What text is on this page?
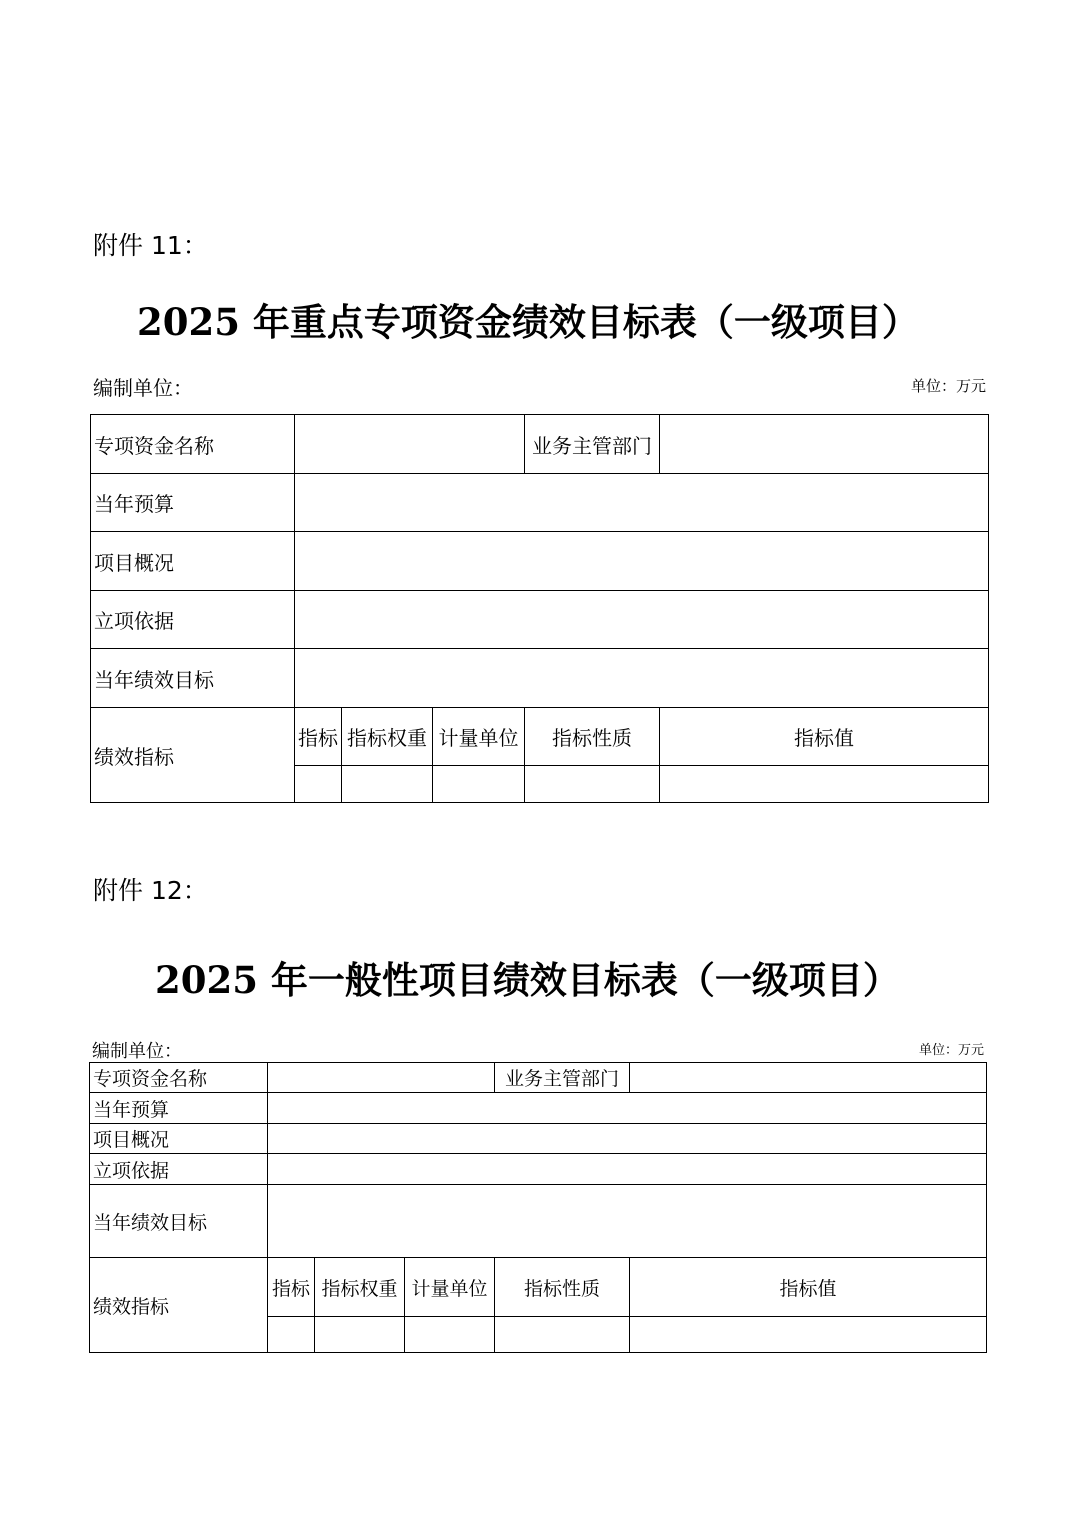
附件 11：
2025 年重点专项资金绩效目标表（一级项目）
编制单位：	单位：万元
专项资金名称				业务主管部门	
当年预算					
项目概况					
立项依据					
当年绩效目标					
绩效指标	指标	指标权重	计量单位	指标性质	指标值

附件 12：
2025 年一般性项目绩效目标表（一级项目）
编制单位：	单位：万元
专项资金名称				业务主管部门	
当年预算					
项目概况					
立项依据					
当年绩效目标					
绩效指标	指标	指标权重	计量单位	指标性质	指标值
